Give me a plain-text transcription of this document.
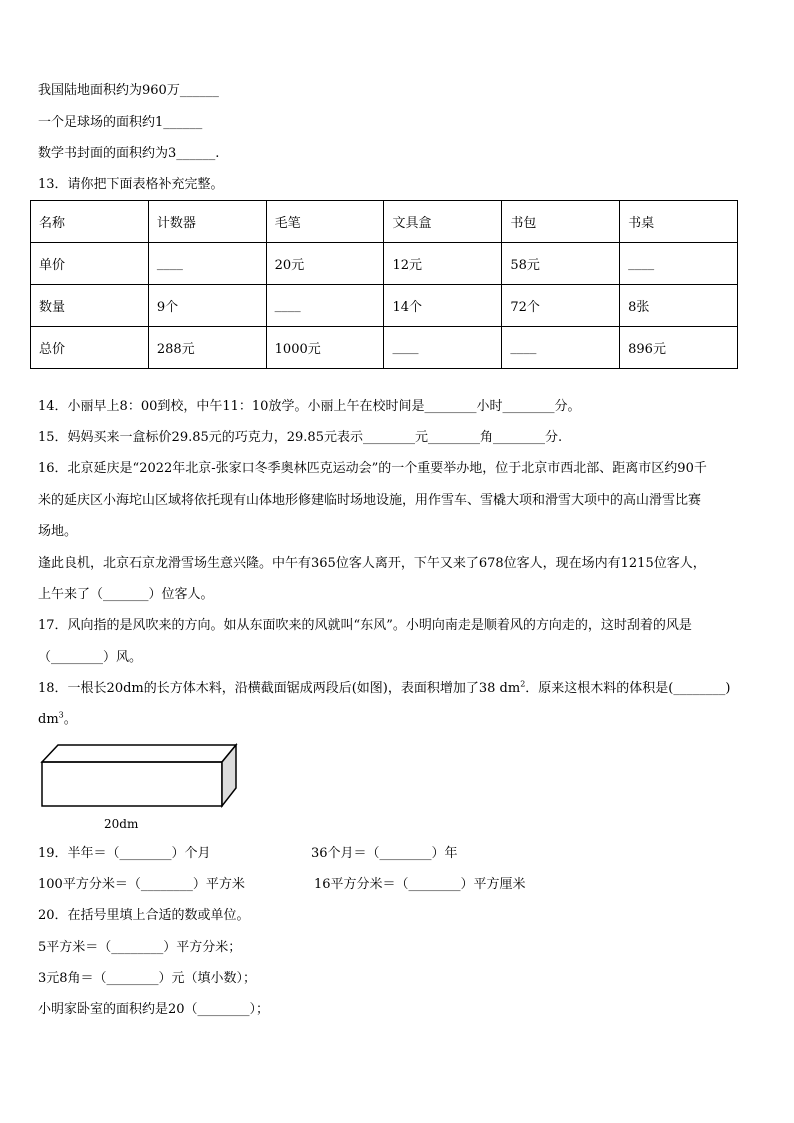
我国陆地面积约为960万______
一个足球场的面积约1______
数学书封面的面积约为3______.
13．请你把下面表格补充完整。
名称	计数器	毛笔	文具盒	书包	书桌
单价	____	20元	12元	58元	____
数量	9个	____	14个	72个	8张
总价	288元	1000元	____	____	896元
14．小丽早上8：00到校，中午11：10放学。小丽上午在校时间是________小时________分。
15．妈妈买来一盒标价29.85元的巧克力，29.85元表示________元________角________分.
16．北京延庆是“2022年北京-张家口冬季奥林匹克运动会”的一个重要举办地，位于北京市西北部、距离市区约90千
米的延庆区小海坨山区域将依托现有山体地形修建临时场地设施，用作雪车、雪橇大项和滑雪大项中的高山滑雪比赛
场地。
逢此良机，北京石京龙滑雪场生意兴隆。中午有365位客人离开，下午又来了678位客人，现在场内有1215位客人，
上午来了（_______）位客人。
17．风向指的是风吹来的方向。如从东面吹来的风就叫“东风”。小明向南走是顺着风的方向走的，这时刮着的风是
（________）风。
18．一根长20dm的长方体木料，沿横截面锯成两段后(如图)，表面积增加了38 $dm^2$．原来这根木料的体积是(________)
$dm^3$。
20dm
19．半年＝（________）个月	36个月＝（________）年
100平方分米＝（________）平方米	16平方分米＝（________）平方厘米
20．在括号里填上合适的数或单位。
5平方米＝（________）平方分米；
3元8角＝（________）元（填小数）；
小明家卧室的面积约是20（________）；
